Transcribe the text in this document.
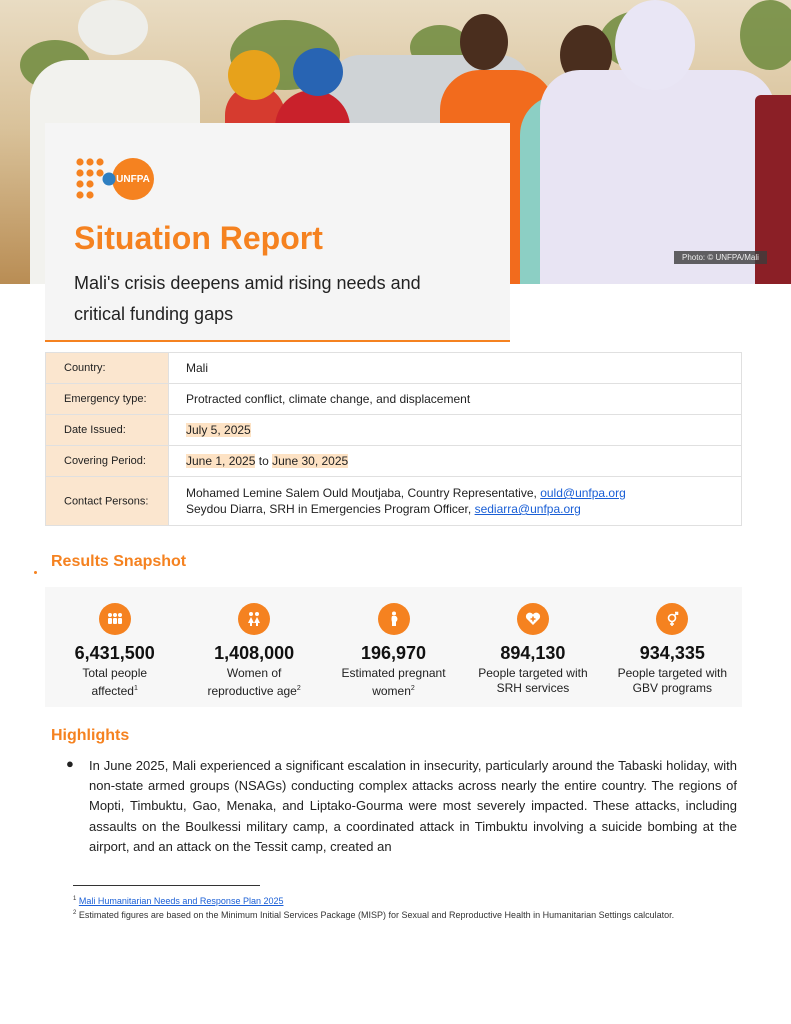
Photo: © UNFPA/Mali
UNFPA
Situation Report

Mali's crisis deepens amid rising needs and critical funding gaps

Country:	Mali
Emergency type:	Protracted conflict, climate change, and displacement
Date Issued:	July 5, 2025
Covering Period:	June 1, 2025 to June 30, 2025
Contact Persons:	Mohamed Lemine Salem Ould Moutjaba, Country Representative, ould@unfpa.org
Seydou Diarra, SRH in Emergencies Program Officer, sediarra@unfpa.org
Results Snapshot
6,431,500
Total people
affected$^1$
1,408,000
Women of
reproductive age$^2$
196,970
Estimated pregnant
women$^2$
894,130
People targeted with
SRH services
934,335
People targeted with
GBV programs
Highlights
● In June 2025, Mali experienced a significant escalation in insecurity, particularly around the Tabaski holiday, with non-state armed groups (NSAGs) conducting complex attacks across nearly the entire country. The regions of Mopti, Timbuktu, Gao, Menaka, and Liptako-Gourma were most severely impacted. These attacks, including assaults on the Boulkessi military camp, a coordinated attack in Timbuktu involving a suicide bombing at the airport, and an attack on the Tessit camp, created an

$^1$ Mali Humanitarian Needs and Response Plan 2025
$^2$ Estimated figures are based on the Minimum Initial Services Package (MISP) for Sexual and Reproductive Health in Humanitarian Settings calculator.
